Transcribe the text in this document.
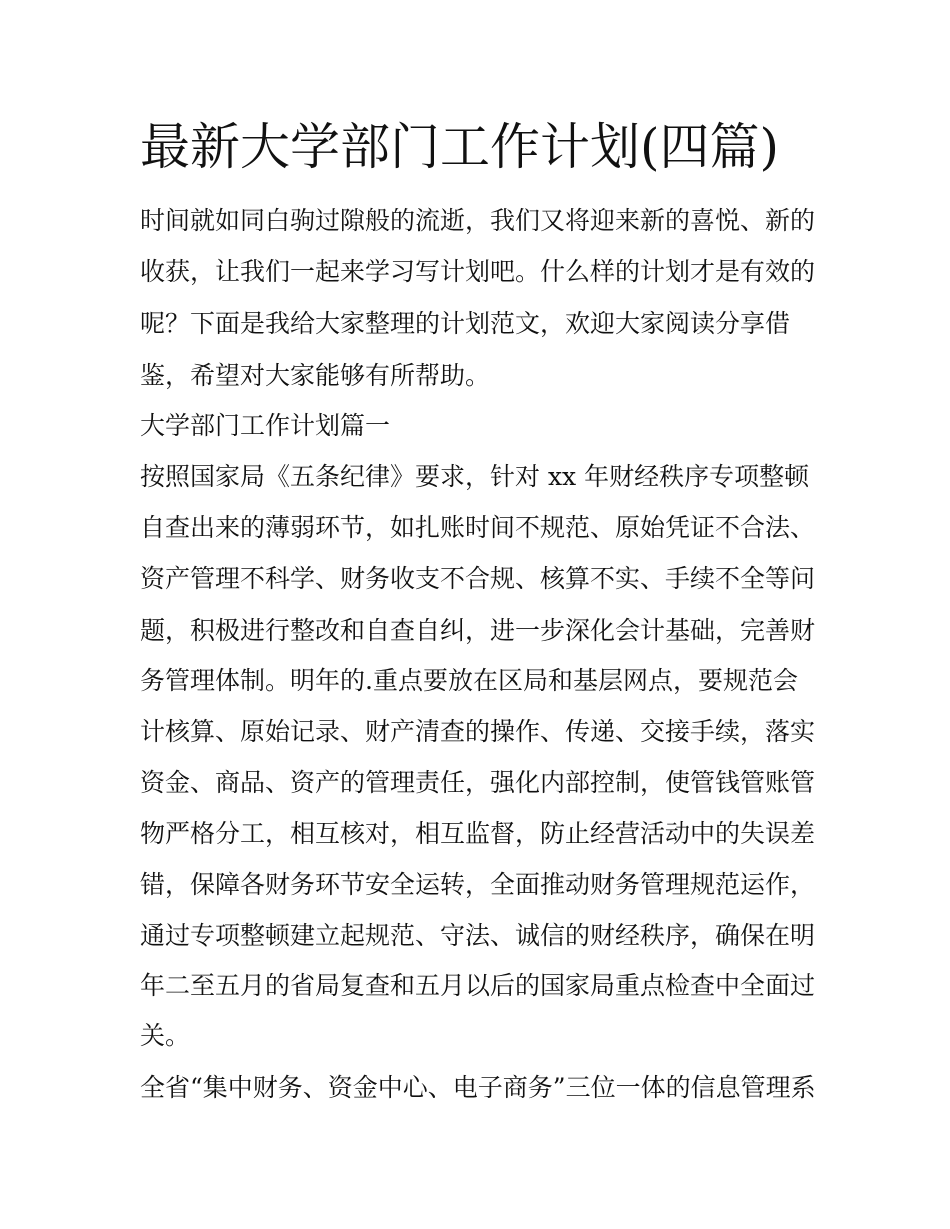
最新大学部门工作计划(四篇)

时间就如同白驹过隙般的流逝，我们又将迎来新的喜悦、新的

收获，让我们一起来学习写计划吧。什么样的计划才是有效的

呢？下面是我给大家整理的计划范文，欢迎大家阅读分享借

鉴，希望对大家能够有所帮助。

大学部门工作计划篇一

按照国家局《五条纪律》要求，针对 xx 年财经秩序专项整顿

自查出来的薄弱环节，如扎账时间不规范、原始凭证不合法、

资产管理不科学、财务收支不合规、核算不实、手续不全等问

题，积极进行整改和自查自纠，进一步深化会计基础，完善财

务管理体制。明年的.重点要放在区局和基层网点，要规范会

计核算、原始记录、财产清查的操作、传递、交接手续，落实

资金、商品、资产的管理责任，强化内部控制，使管钱管账管

物严格分工，相互核对，相互监督，防止经营活动中的失误差

错，保障各财务环节安全运转，全面推动财务管理规范运作，

通过专项整顿建立起规范、守法、诚信的财经秩序，确保在明

年二至五月的省局复查和五月以后的国家局重点检查中全面过

关。

全省“集中财务、资金中心、电子商务”三位一体的信息管理系
